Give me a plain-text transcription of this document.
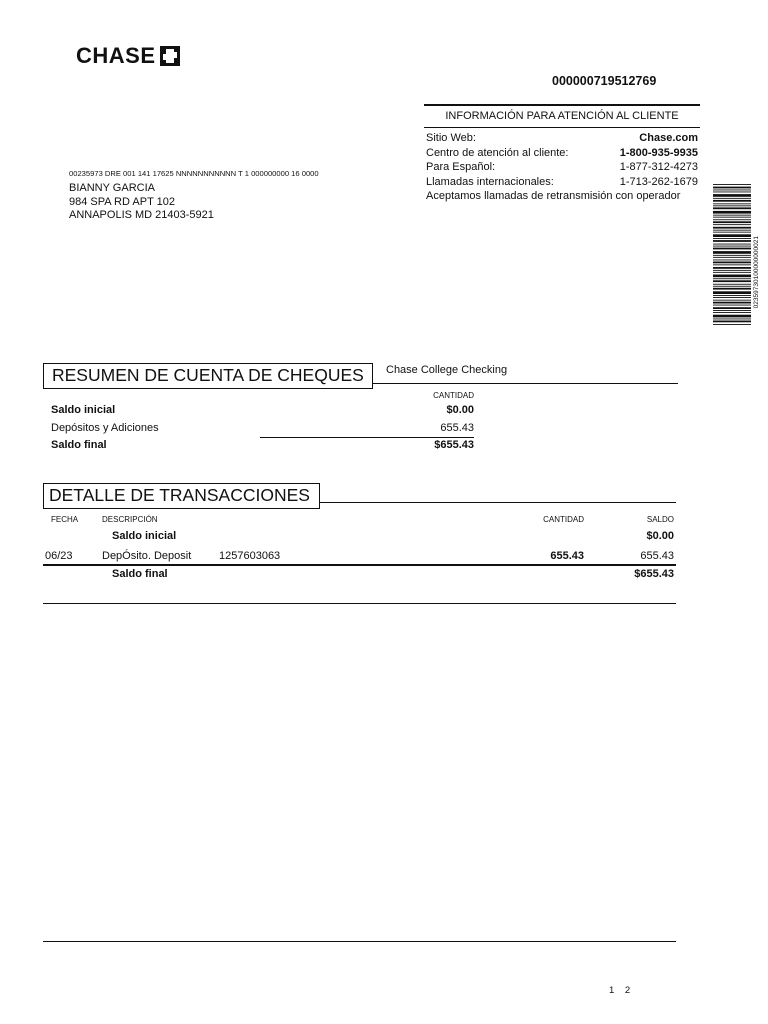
CHASE
000000719512769
INFORMACIÓN PARA ATENCIÓN AL CLIENTE
Sitio Web:	Chase.com
Centro de atención al cliente:	1-800-935-9935
Para Español:	1-877-312-4273
Llamadas internacionales:	1-713-262-1679
Aceptamos llamadas de retransmisión con operador
00235973 DRE 001 141 17625 NNNNNNNNNNN T 1 000000000 16 0000
BIANNY GARCIA
984 SPA RD APT 102
ANNAPOLIS MD 21403-5921
02359730100000000021
RESUMEN DE CUENTA DE CHEQUES	Chase College Checking
CANTIDAD
Saldo inicial	$0.00
Depósitos y Adiciones	655.43
Saldo final	$655.43
DETALLE DE TRANSACCIONES
FECHA	DESCRIPCIÓN	CANTIDAD	SALDO
Saldo inicial	$0.00
06/23	DepÓsito. Deposit	1257603063	655.43	655.43
Saldo final	$655.43
1 2
